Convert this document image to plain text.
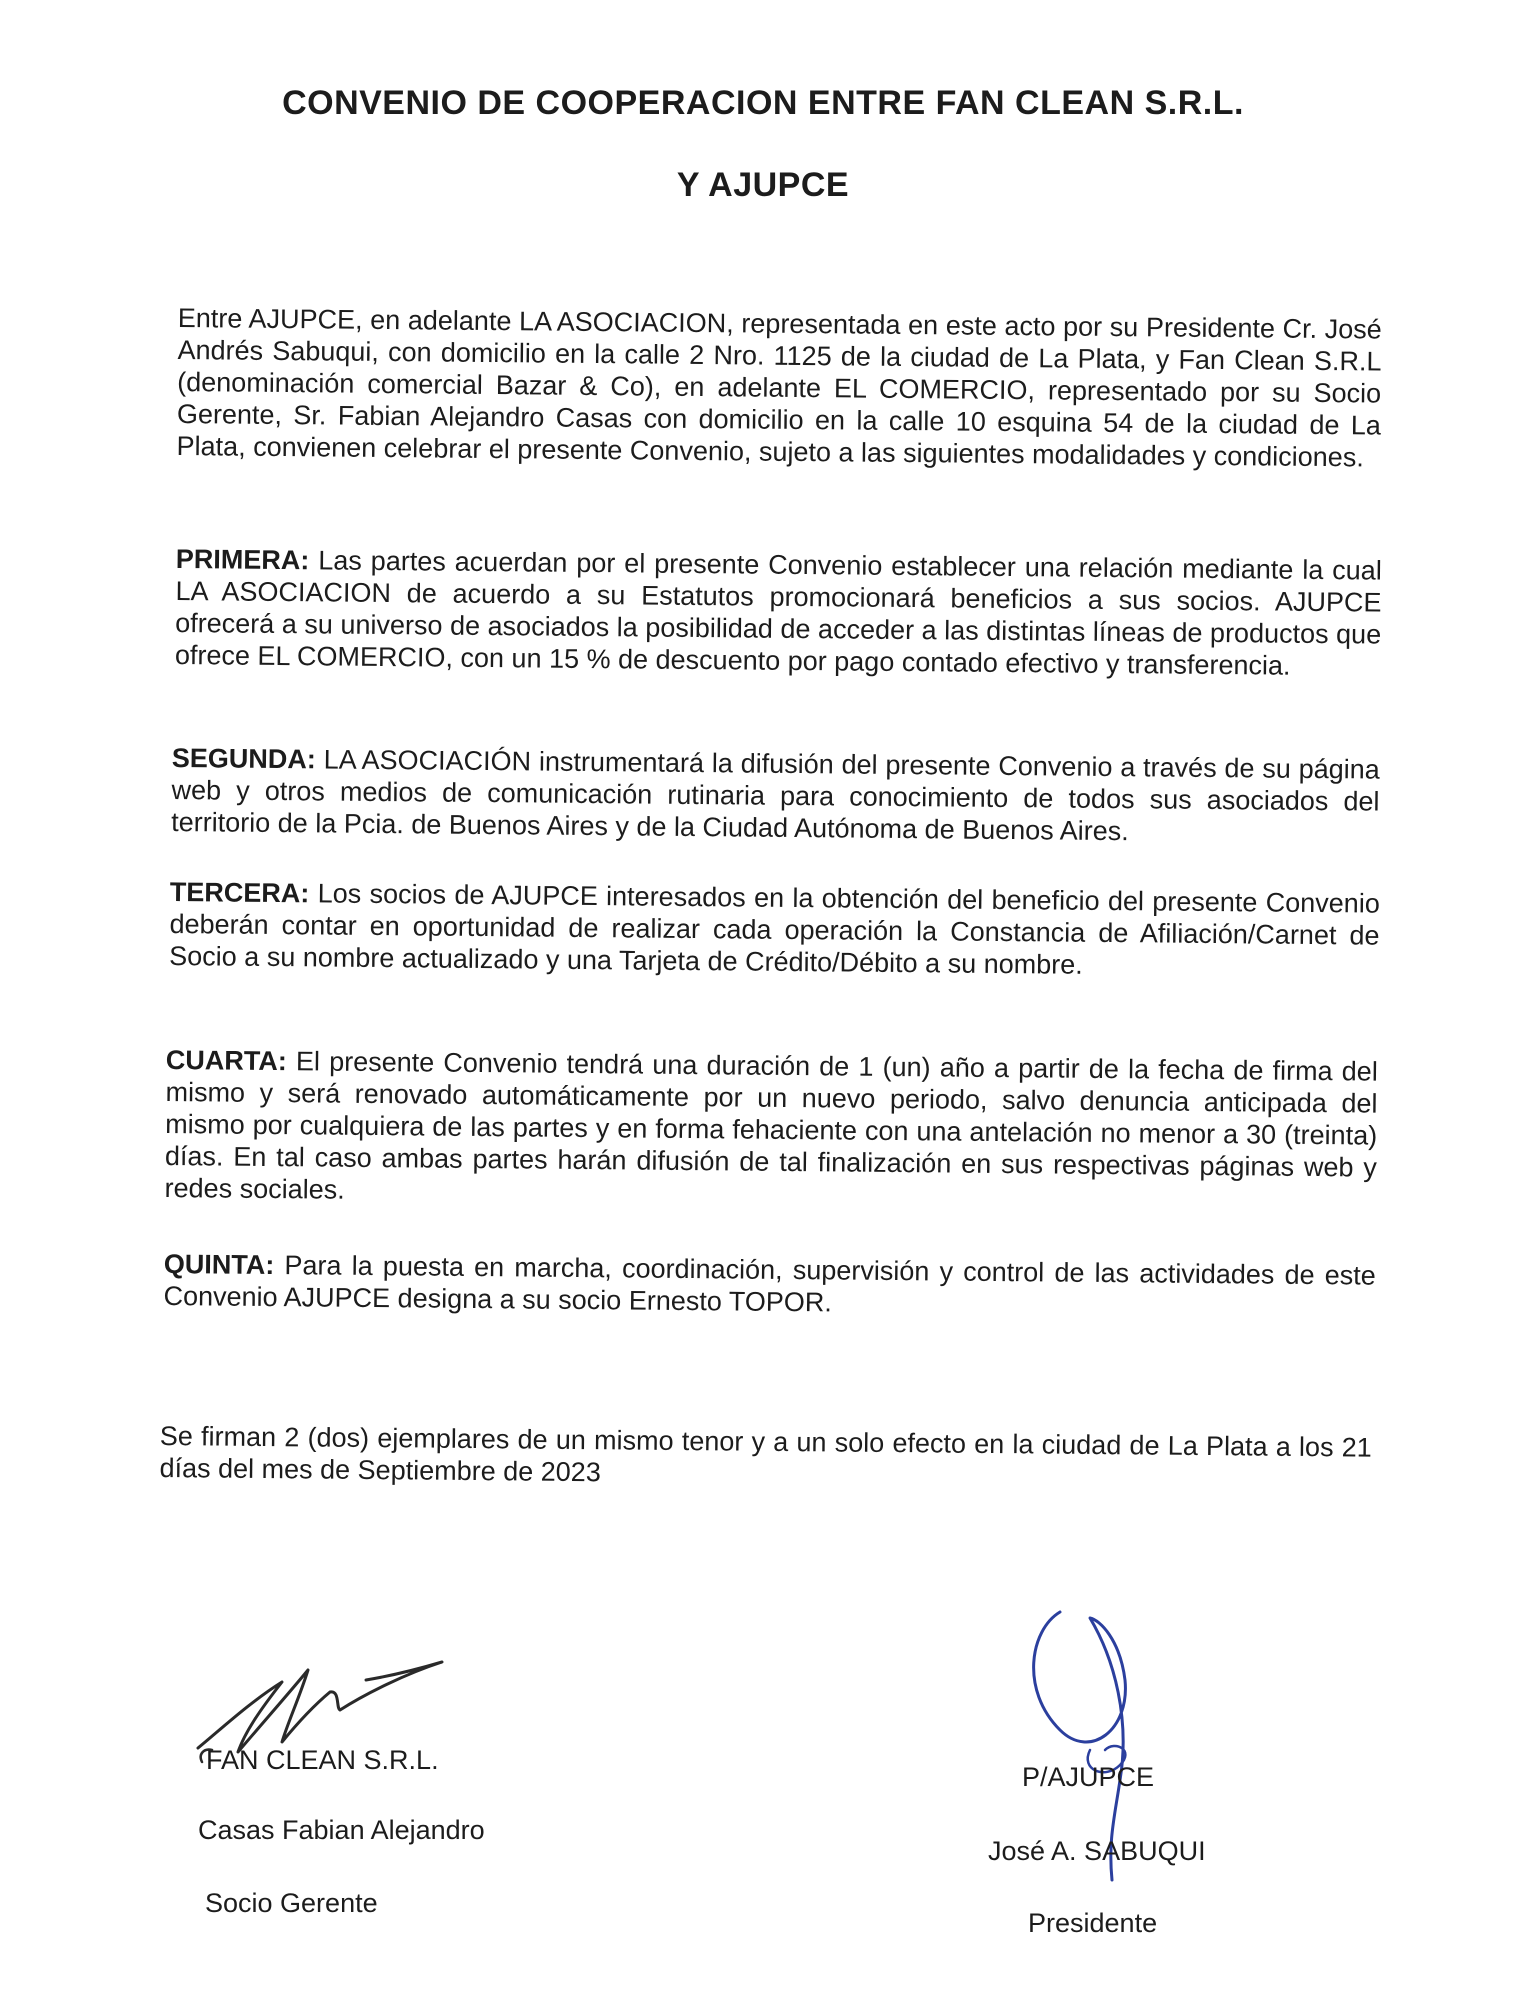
CONVENIO DE COOPERACION ENTRE FAN CLEAN S.R.L.
Y AJUPCE

Entre AJUPCE, en adelante LA ASOCIACION, representada en este acto por su Presidente Cr. José Andrés Sabuqui, con domicilio en la calle 2 Nro. 1125 de la ciudad de La Plata, y Fan Clean S.R.L (denominación comercial Bazar & Co), en adelante EL COMERCIO, representado por su Socio Gerente, Sr. Fabian Alejandro Casas con domicilio en la calle 10 esquina 54 de la ciudad de La Plata, convienen celebrar el presente Convenio, sujeto a las siguientes modalidades y condiciones.

PRIMERA: Las partes acuerdan por el presente Convenio establecer una relación mediante la cual LA ASOCIACION de acuerdo a su Estatutos promocionará beneficios a sus socios. AJUPCE ofrecerá a su universo de asociados la posibilidad de acceder a las distintas líneas de productos que ofrece EL COMERCIO, con un 15 % de descuento por pago contado efectivo y transferencia.

SEGUNDA: LA ASOCIACIÓN instrumentará la difusión del presente Convenio a través de su página web y otros medios de comunicación rutinaria para conocimiento de todos sus asociados del territorio de la Pcia. de Buenos Aires y de la Ciudad Autónoma de Buenos Aires.

TERCERA: Los socios de AJUPCE interesados en la obtención del beneficio del presente Convenio deberán contar en oportunidad de realizar cada operación la Constancia de Afiliación/Carnet de Socio a su nombre actualizado y una Tarjeta de Crédito/Débito a su nombre.

CUARTA: El presente Convenio tendrá una duración de 1 (un) año a partir de la fecha de firma del mismo y será renovado automáticamente por un nuevo periodo, salvo denuncia anticipada del mismo por cualquiera de las partes y en forma fehaciente con una antelación no menor a 30 (treinta) días. En tal caso ambas partes harán difusión de tal finalización en sus respectivas páginas web y redes sociales.

QUINTA: Para la puesta en marcha, coordinación, supervisión y control de las actividades de este Convenio AJUPCE designa a su socio Ernesto TOPOR.

Se firman 2 (dos) ejemplares de un mismo tenor y a un solo efecto en la ciudad de La Plata a los 21 días del mes de Septiembre de 2023

FAN CLEAN S.R.L.

Casas Fabian Alejandro

Socio Gerente

P/AJUPCE

José A. SABUQUI

Presidente
